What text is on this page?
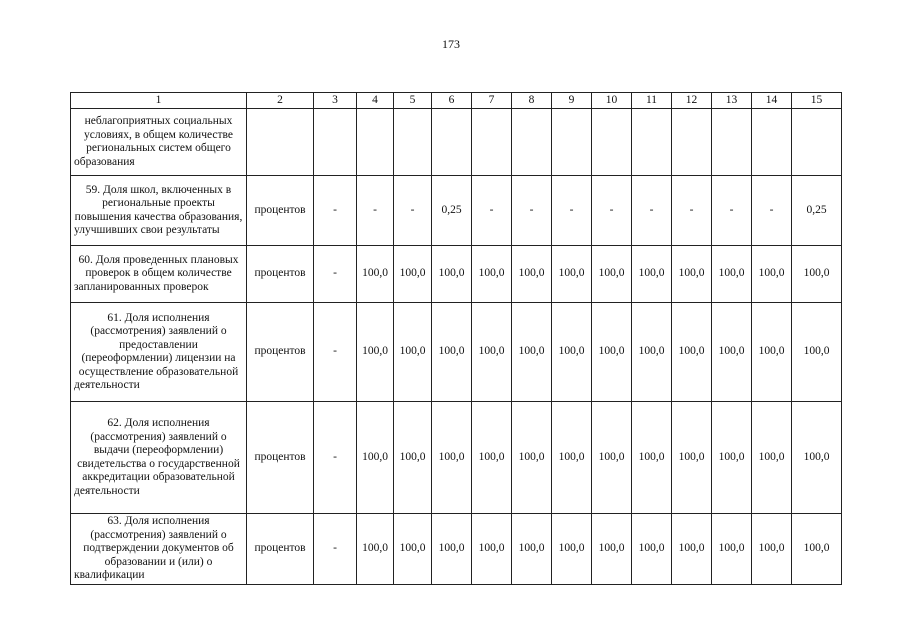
173
1	2	3	4	5	6	7	8	9	10	11	12	13	14	15
неблагоприятных социальных условиях, в общем количестве региональных систем общего образования														
59. Доля школ, включенных в региональные проекты повышения качества образования, улучшивших свои результаты	процентов	-	-	-	0,25	-	-	-	-	-	-	-	-	0,25
60. Доля проведенных плановых проверок в общем количестве запланированных проверок	процентов	-	100,0	100,0	100,0	100,0	100,0	100,0	100,0	100,0	100,0	100,0	100,0	100,0
61. Доля исполнения (рассмотрения) заявлений о предоставлении (переоформлении) лицензии на осуществление образовательной деятельности	процентов	-	100,0	100,0	100,0	100,0	100,0	100,0	100,0	100,0	100,0	100,0	100,0	100,0
62. Доля исполнения (рассмотрения) заявлений о выдачи (переоформлении) свидетельства о государственной аккредитации образовательной деятельности	процентов	-	100,0	100,0	100,0	100,0	100,0	100,0	100,0	100,0	100,0	100,0	100,0	100,0
63. Доля исполнения (рассмотрения) заявлений о подтверждении документов об образовании и (или) о квалификации	процентов	-	100,0	100,0	100,0	100,0	100,0	100,0	100,0	100,0	100,0	100,0	100,0	100,0
